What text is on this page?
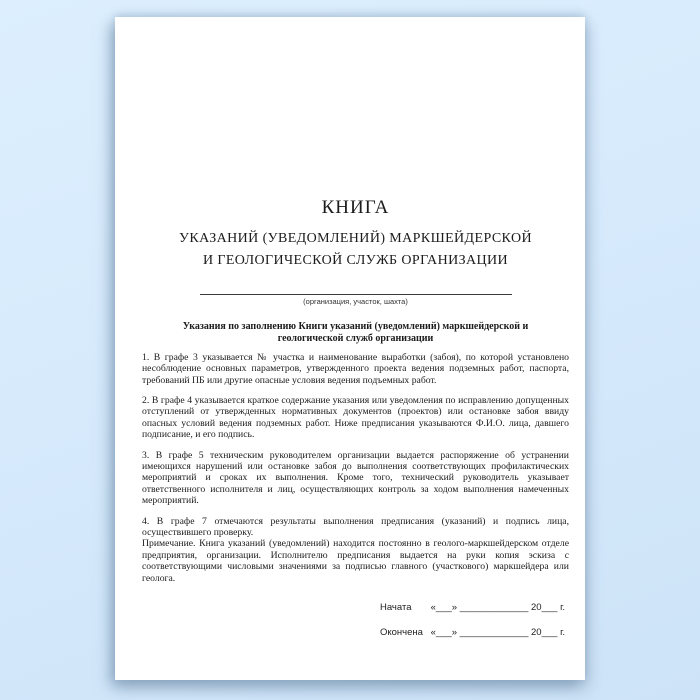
КНИГА
УКАЗАНИЙ (УВЕДОМЛЕНИЙ) МАРКШЕЙДЕРСКОЙ
И ГЕОЛОГИЧЕСКОЙ СЛУЖБ ОРГАНИЗАЦИИ
(организация, участок, шахта)
Указания по заполнению Книги указаний (уведомлений) маркшейдерской и геологической служб организации

1. В графе 3 указывается № участка и наименование выработки (забоя), по которой установлено несоблюдение основных параметров, утвержденного проекта ведения подземных работ, паспорта, требований ПБ или другие опасные условия ведения подъемных работ.

2. В графе 4 указывается краткое содержание указания или уведомления по исправлению допущенных отступлений от утвержденных нормативных документов (проектов) или остановке забоя ввиду опасных условий ведения подземных работ. Ниже предписания указываются Ф.И.О. лица, давшего подписание, и его подпись.

3. В графе 5 техническим руководителем организации выдается распоряжение об устранении имеющихся нарушений или остановке забоя до выполнения соответствующих профилактических мероприятий и сроках их выполнения. Кроме того, технический руководитель указывает ответственного исполнителя и лиц, осуществляющих контроль за ходом выполнения намеченных мероприятий.

4. В графе 7 отмечаются результаты выполнения предписания (указаний) и подпись лица, осуществившего проверку.

Примечание. Книга указаний (уведомлений) находится постоянно в геолого-маркшейдерском отделе предприятия, организации. Исполнителю предписания выдается на руки копия эскиза с соответствующими числовыми значениями за подписью главного (участкового) маркшейдера или геолога.

Начата «___» _____________ 20___ г.
Окончена «___» _____________ 20___ г.
